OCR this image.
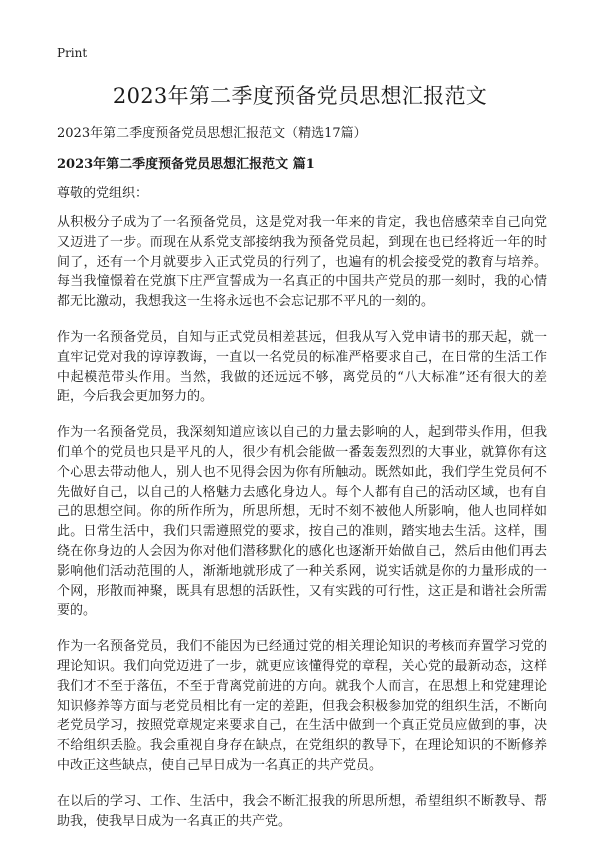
Print
2023年第二季度预备党员思想汇报范文

2023年第二季度预备党员思想汇报范文（精选17篇）

2023年第二季度预备党员思想汇报范文 篇1

尊敬的党组织：

从积极分子成为了一名预备党员，这是党对我一年来的肯定，我也倍感荣幸自己向党又迈进了一步。而现在从系党支部接纳我为预备党员起，到现在也已经将近一年的时间了，还有一个月就要步入正式党员的行列了，也遍有的机会接受党的教育与培养。每当我憧憬着在党旗下庄严宣誓成为一名真正的中国共产党员的那一刻时，我的心情都无比激动，我想我这一生将永远也不会忘记那不平凡的一刻的。

作为一名预备党员，自知与正式党员相差甚远，但我从写入党申请书的那天起，就一直牢记党对我的谆谆教诲，一直以一名党员的标准严格要求自己，在日常的生活工作中起模范带头作用。当然，我做的还远远不够，离党员的“八大标准”还有很大的差距，今后我会更加努力的。

作为一名预备党员，我深刻知道应该以自己的力量去影响的人，起到带头作用，但我们单个的党员也只是平凡的人，很少有机会能做一番轰轰烈烈的大事业，就算你有这个心思去带动他人，别人也不见得会因为你有所触动。既然如此，我们学生党员何不先做好自己，以自己的人格魅力去感化身边人。每个人都有自己的活动区域，也有自己的思想空间。你的所作所为，所思所想，无时不刻不被他人所影响，他人也同样如此。日常生活中，我们只需遵照党的要求，按自己的准则，踏实地去生活。这样，围绕在你身边的人会因为你对他们潜移默化的感化也逐渐开始做自己，然后由他们再去影响他们活动范围的人，渐渐地就形成了一种关系网，说实话就是你的力量形成的一个网，形散而神聚，既具有思想的活跃性，又有实践的可行性，这正是和谐社会所需要的。

作为一名预备党员，我们不能因为已经通过党的相关理论知识的考核而弃置学习党的理论知识。我们向党迈进了一步，就更应该懂得党的章程，关心党的最新动态，这样我们才不至于落伍，不至于背离党前进的方向。就我个人而言，在思想上和党建理论知识修养等方面与老党员相比有一定的差距，但我会积极参加党的组织生活，不断向老党员学习，按照党章规定来要求自己，在生活中做到一个真正党员应做到的事，决不给组织丢脸。我会重视自身存在缺点，在党组织的教导下，在理论知识的不断修养中改正这些缺点，使自己早日成为一名真正的共产党员。

在以后的学习、工作、生活中，我会不断汇报我的所思所想，希望组织不断教导、帮助我，使我早日成为一名真正的共产党。
